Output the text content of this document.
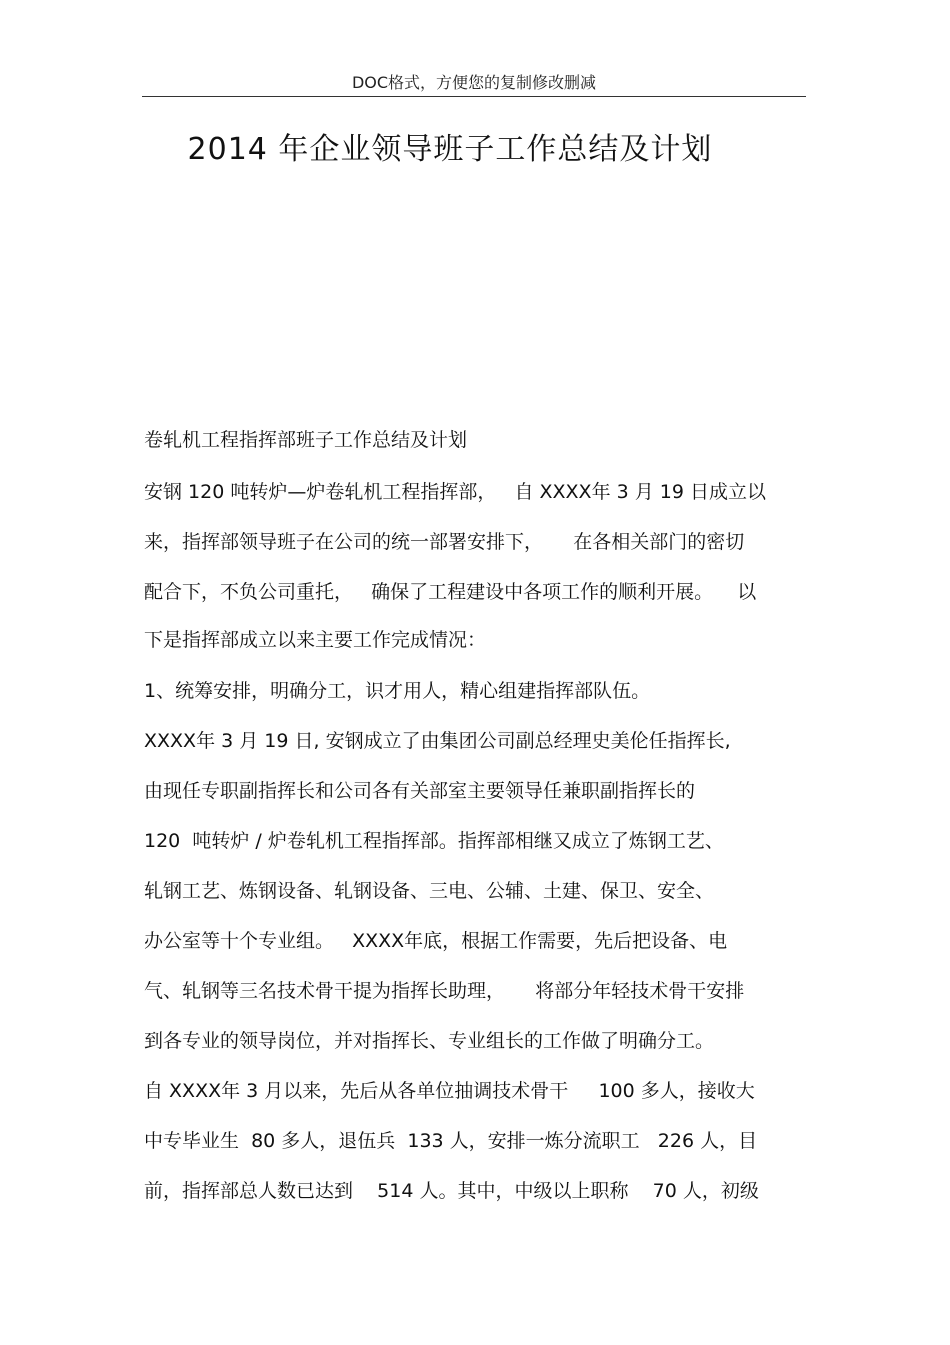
DOC格式，方便您的复制修改删减
2014 年企业领导班子工作总结及计划
卷轧机工程指挥部班子工作总结及计划
安钢 120 吨转炉—炉卷轧机工程指挥部，   自 XXXX年 3 月 19 日成立以
来，指挥部领导班子在公司的统一部署安排下，     在各相关部门的密切
配合下，不负公司重托，   确保了工程建设中各项工作的顺利开展。    以
下是指挥部成立以来主要工作完成情况：
1、统筹安排，明确分工，识才用人，精心组建指挥部队伍。
XXXX年 3 月 19 日, 安钢成立了由集团公司副总经理史美伦任指挥长,
由现任专职副指挥长和公司各有关部室主要领导任兼职副指挥长的
120  吨转炉 / 炉卷轧机工程指挥部。指挥部相继又成立了炼钢工艺、
轧钢工艺、炼钢设备、轧钢设备、三电、公辅、土建、保卫、安全、
办公室等十个专业组。   XXXX年底，根据工作需要，先后把设备、电
气、轧钢等三名技术骨干提为指挥长助理，     将部分年轻技术骨干安排
到各专业的领导岗位，并对指挥长、专业组长的工作做了明确分工。
自 XXXX年 3 月以来，先后从各单位抽调技术骨干     100 多人，接收大
中专毕业生  80 多人，退伍兵  133 人，安排一炼分流职工   226 人，目
前，指挥部总人数已达到    514 人。其中，中级以上职称    70 人，初级
